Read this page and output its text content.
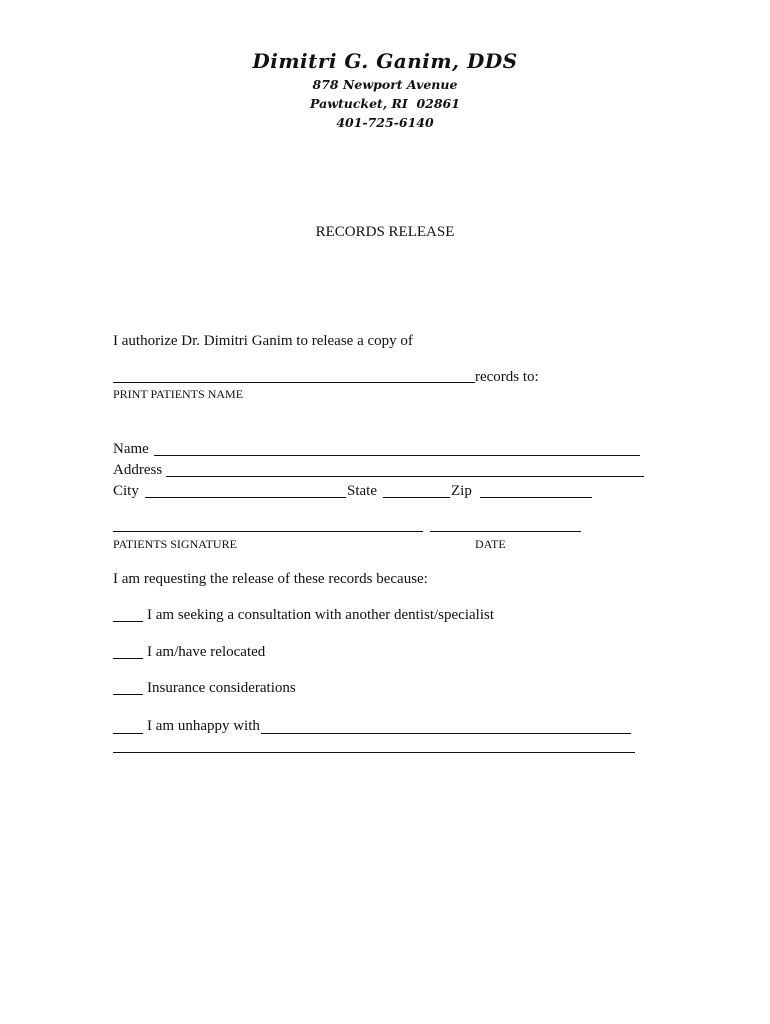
Dimitri G. Ganim, DDS
878 Newport Avenue
Pawtucket, RI  02861
401-725-6140
RECORDS RELEASE
I authorize Dr. Dimitri Ganim to release a copy of
records to:
PRINT PATIENTS NAME
Name
Address
City	State	Zip
PATIENTS SIGNATURE	DATE
I am requesting the release of these records because:
I am seeking a consultation with another dentist/specialist
I am/have relocated
Insurance considerations
I am unhappy with
